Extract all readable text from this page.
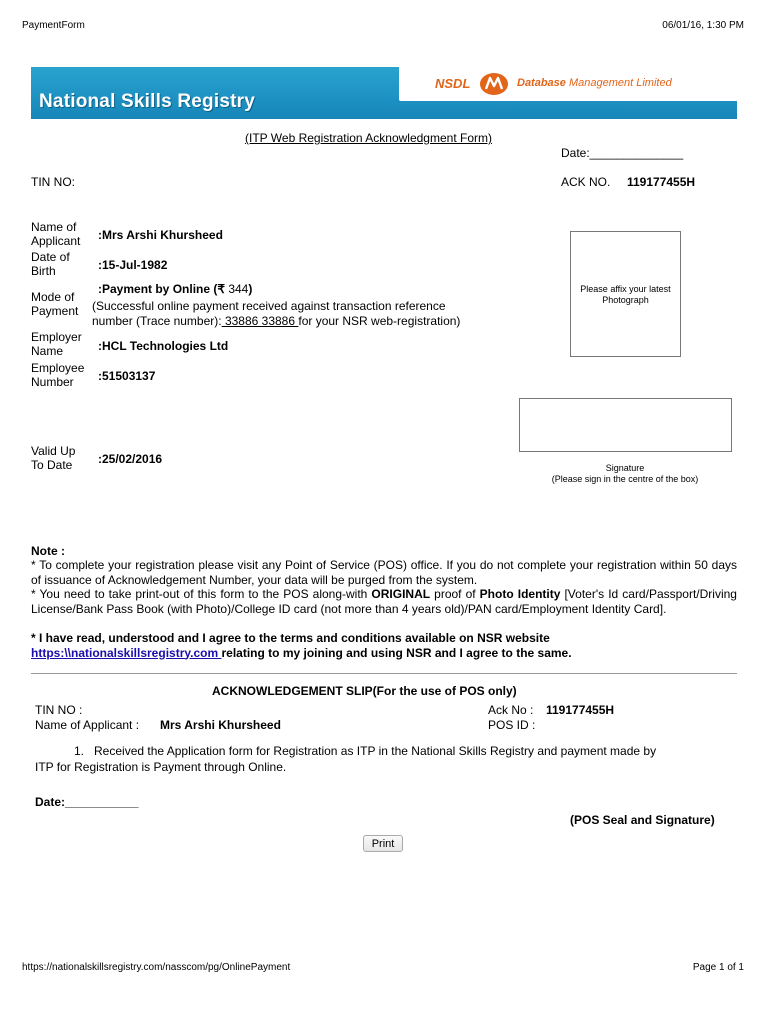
PaymentForm	06/01/16, 1:30 PM
National Skills Registry
NSDL	Database Management Limited
(ITP Web Registration Acknowledgment Form)
Date:______________
TIN NO:	ACK NO. 119177455H
Name of
Applicant :Mrs Arshi Khursheed
Date of
Birth	:15-Jul-1982
Mode of
Payment
:Payment by Online (₹ 344)
(Successful online payment received against transaction reference
number (Trace number): 33886 33886 for your NSR web-registration)
Employer
Name	:HCL Technologies Ltd
Employee
Number	:51503137
Valid Up
To Date :25/02/2016
Please affix your latest
Photograph
Signature
(Please sign in the centre of the box)
Note :
* To complete your registration please visit any Point of Service (POS) office. If you do not complete your registration within 50 days of issuance of Acknowledgement Number, your data will be purged from the system.
* You need to take print-out of this form to the POS along-with ORIGINAL proof of Photo Identity [Voter's Id card/Passport/Driving License/Bank Pass Book (with Photo)/College ID card (not more than 4 years old)/PAN card/Employment Identity Card].
* I have read, understood and I agree to the terms and conditions available on NSR website
https:\\nationalskillsregistry.com relating to my joining and using NSR and I agree to the same.
ACKNOWLEDGEMENT SLIP(For the use of POS only)
TIN NO :	Ack No : 119177455H
Name of Applicant : Mrs Arshi Khursheed	POS ID :
1.   Received the Application form for Registration as ITP in the National Skills Registry and payment made by
ITP for Registration is Payment through Online.
Date:___________
(POS Seal and Signature)
Print
https://nationalskillsregistry.com/nasscom/pg/OnlinePayment	Page 1 of 1
